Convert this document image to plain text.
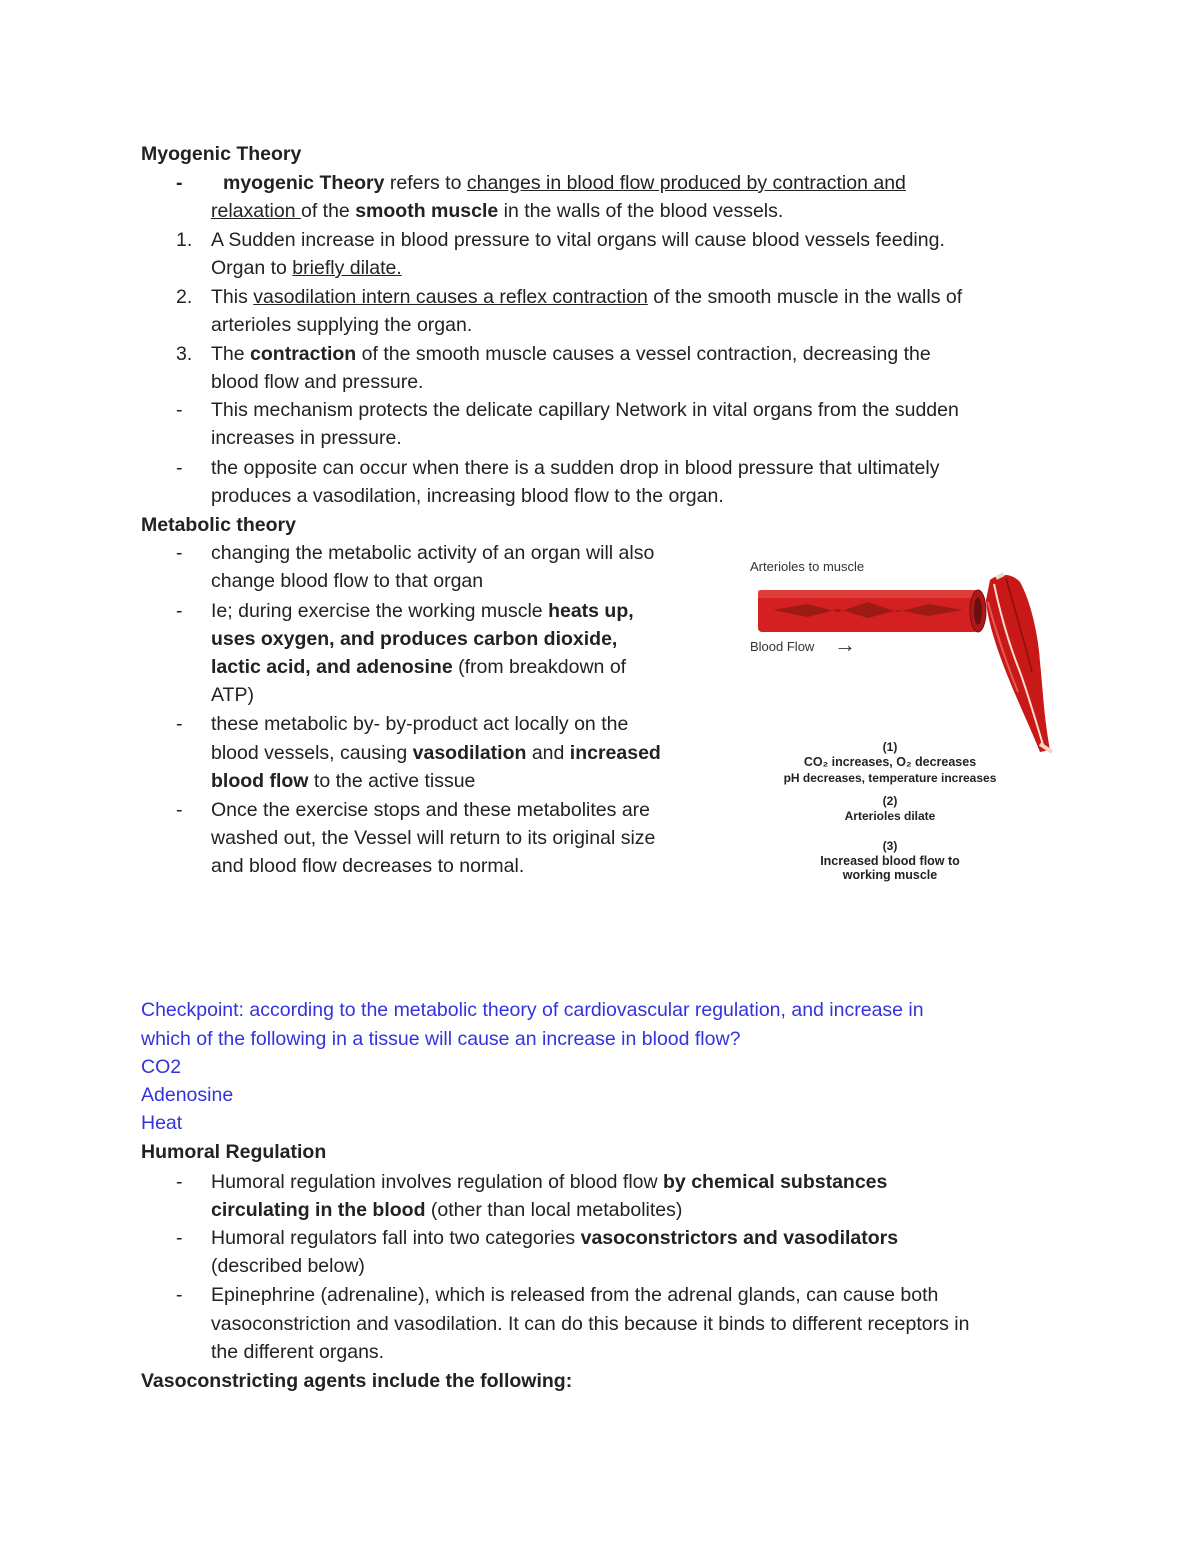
Myogenic Theory
- myogenic Theory refers to changes in blood flow produced by contraction and
relaxation of the smooth muscle in the walls of the blood vessels.
1. A Sudden increase in blood pressure to vital organs will cause blood vessels feeding.
Organ to briefly dilate.
2. This vasodilation intern causes a reflex contraction of the smooth muscle in the walls of
arterioles supplying the organ.
3. The contraction of the smooth muscle causes a vessel contraction, decreasing the
blood flow and pressure.
- This mechanism protects the delicate capillary Network in vital organs from the sudden
increases in pressure.
- the opposite can occur when there is a sudden drop in blood pressure that ultimately
produces a vasodilation, increasing blood flow to the organ.
Metabolic theory
- changing the metabolic activity of an organ will also
change blood flow to that organ
- Ie; during exercise the working muscle heats up,
uses oxygen, and produces carbon dioxide,
lactic acid, and adenosine (from breakdown of
ATP)
- these metabolic by- by-product act locally on the
blood vessels, causing vasodilation and increased
blood flow to the active tissue
- Once the exercise stops and these metabolites are
washed out, the Vessel will return to its original size
and blood flow decreases to normal.
Arterioles to muscle
Blood Flow →
(1)
CO₂ increases, O₂ decreases
pH decreases, temperature increases
(2)
Arterioles dilate
(3)
Increased blood flow to
working muscle
Checkpoint: according to the metabolic theory of cardiovascular regulation, and increase in
which of the following in a tissue will cause an increase in blood flow?
CO2
Adenosine
Heat
Humoral Regulation
- Humoral regulation involves regulation of blood flow by chemical substances
circulating in the blood (other than local metabolites)
- Humoral regulators fall into two categories vasoconstrictors and vasodilators
(described below)
- Epinephrine (adrenaline), which is released from the adrenal glands, can cause both
vasoconstriction and vasodilation. It can do this because it binds to different receptors in
the different organs.
Vasoconstricting agents include the following:
